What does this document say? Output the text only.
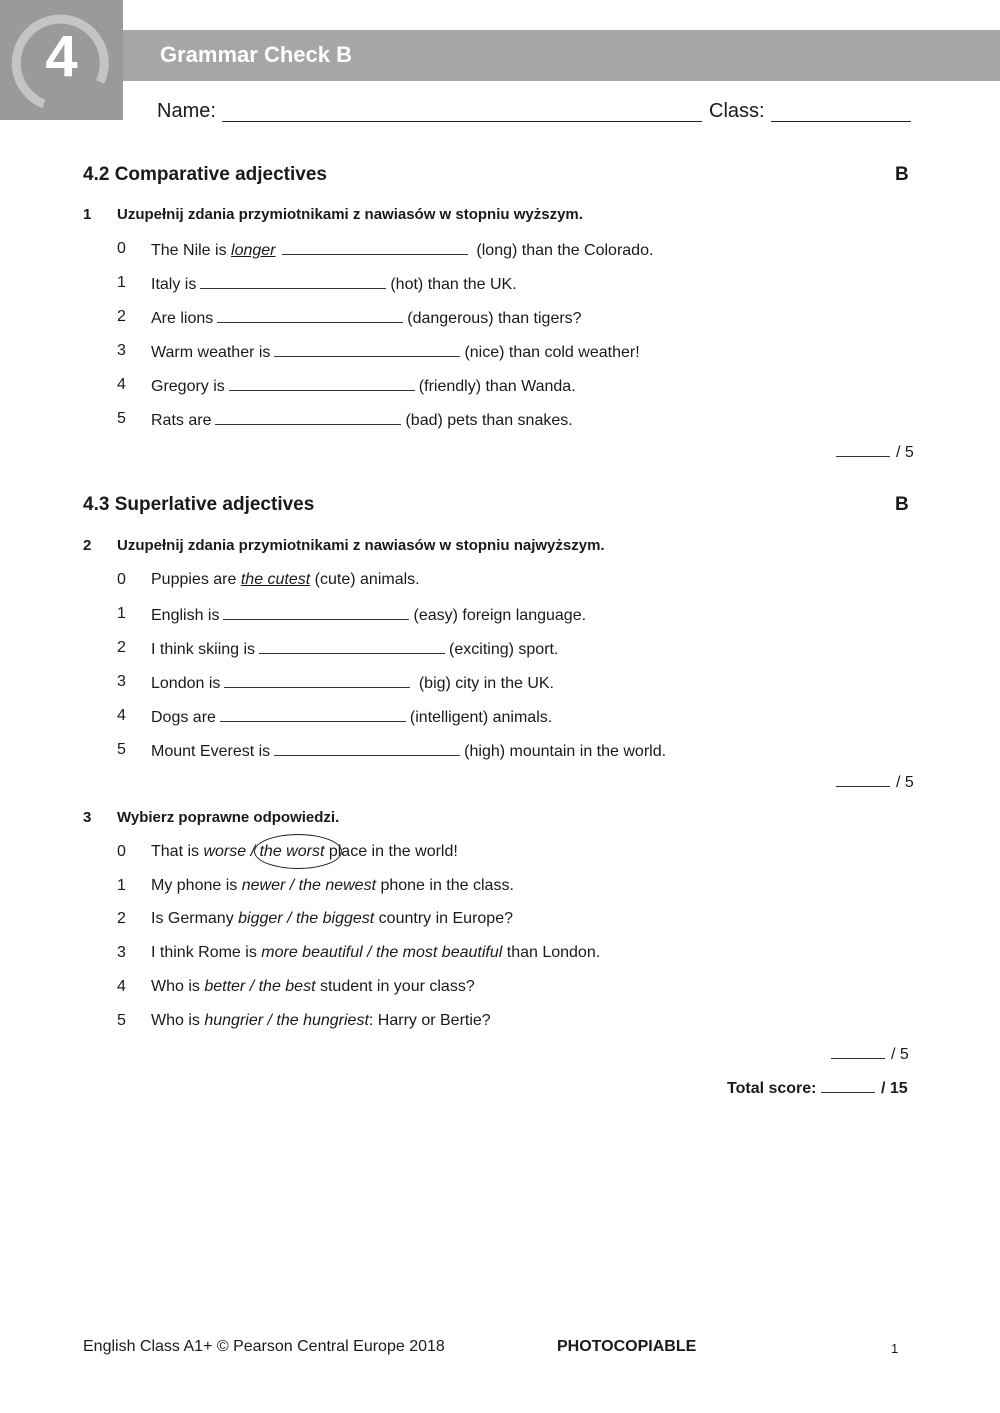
4	Grammar Check B
Name:	Class:
4.2 Comparative adjectives	B
1 Uzupełnij zdania przymiotnikami z nawiasów w stopniu wyższym.
0 The Nile is longer	(long) than the Colorado.
1 Italy is	(hot) than the UK.
2 Are lions	(dangerous) than tigers?
3 Warm weather is	(nice) than cold weather!
4 Gregory is	(friendly) than Wanda.
5 Rats are	(bad) pets than snakes.
/ 5
4.3 Superlative adjectives	B
2 Uzupełnij zdania przymiotnikami z nawiasów w stopniu najwyższym.
0 Puppies are the cutest (cute) animals.
1 English is	(easy) foreign language.
2 I think skiing is	(exciting) sport.
3 London is	(big) city in the UK.
4 Dogs are	(intelligent) animals.
5 Mount Everest is	(high) mountain in the world.
/ 5
3 Wybierz poprawne odpowiedzi.
0 That is worse / the worst place in the world!
1 My phone is newer / the newest phone in the class.
2 Is Germany bigger / the biggest country in Europe?
3 I think Rome is more beautiful / the most beautiful than London.
4 Who is better / the best student in your class?
5 Who is hungrier / the hungriest: Harry or Bertie?
/ 5
Total score:	/ 15
English Class A1+ © Pearson Central Europe 2018	PHOTOCOPIABLE	1
